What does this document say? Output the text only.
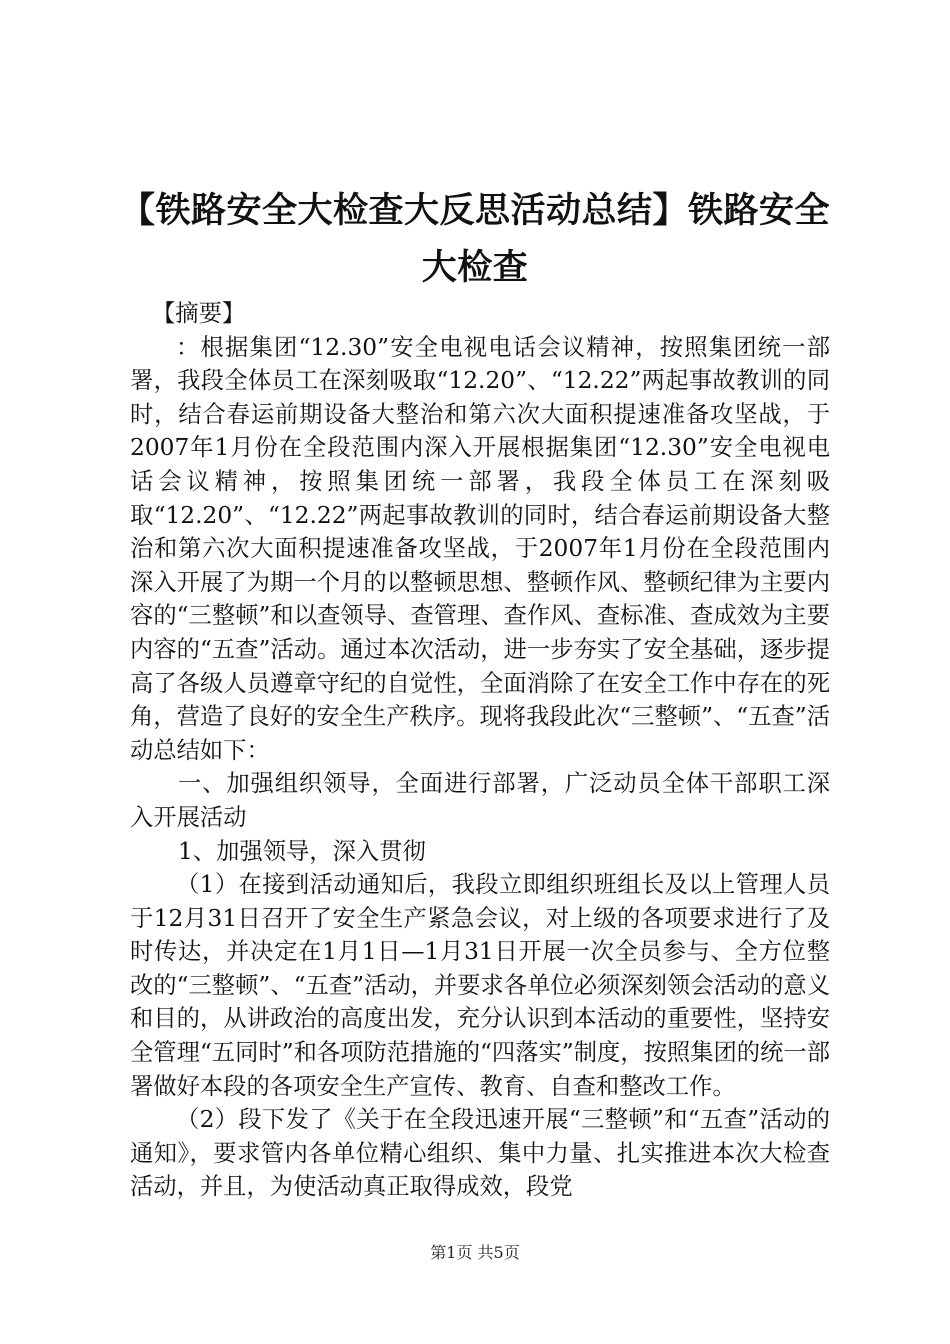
【铁路安全大检查大反思活动总结】铁路安全大检查

【摘要】

：根据集团“12.30”安全电视电话会议精神，按照集团统一部署，我段全体员工在深刻吸取“12.20”、“12.22”两起事故教训的同时，结合春运前期设备大整治和第六次大面积提速准备攻坚战，于2007年1月份在全段范围内深入开展根据集团“12.30”安全电视电话会议精神，按照集团统一部署，我段全体员工在深刻吸取“12.20”、“12.22”两起事故教训的同时，结合春运前期设备大整治和第六次大面积提速准备攻坚战，于2007年1月份在全段范围内深入开展了为期一个月的以整顿思想、整顿作风、整顿纪律为主要内容的“三整顿”和以查领导、查管理、查作风、查标准、查成效为主要内容的“五查”活动。通过本次活动，进一步夯实了安全基础，逐步提高了各级人员遵章守纪的自觉性，全面消除了在安全工作中存在的死角，营造了良好的安全生产秩序。现将我段此次“三整顿”、“五查”活动总结如下：

一、加强组织领导，全面进行部署，广泛动员全体干部职工深入开展活动

1、加强领导，深入贯彻

（1）在接到活动通知后，我段立即组织班组长及以上管理人员于12月31日召开了安全生产紧急会议，对上级的各项要求进行了及时传达，并决定在1月1日—1月31日开展一次全员参与、全方位整改的“三整顿”、“五查”活动，并要求各单位必须深刻领会活动的意义和目的，从讲政治的高度出发，充分认识到本活动的重要性，坚持安全管理“五同时”和各项防范措施的“四落实”制度，按照集团的统一部署做好本段的各项安全生产宣传、教育、自查和整改工作。

（2）段下发了《关于在全段迅速开展“三整顿”和“五查”活动的通知》，要求管内各单位精心组织、集中力量、扎实推进本次大检查活动，并且，为使活动真正取得成效，段党

第1页 共5页
